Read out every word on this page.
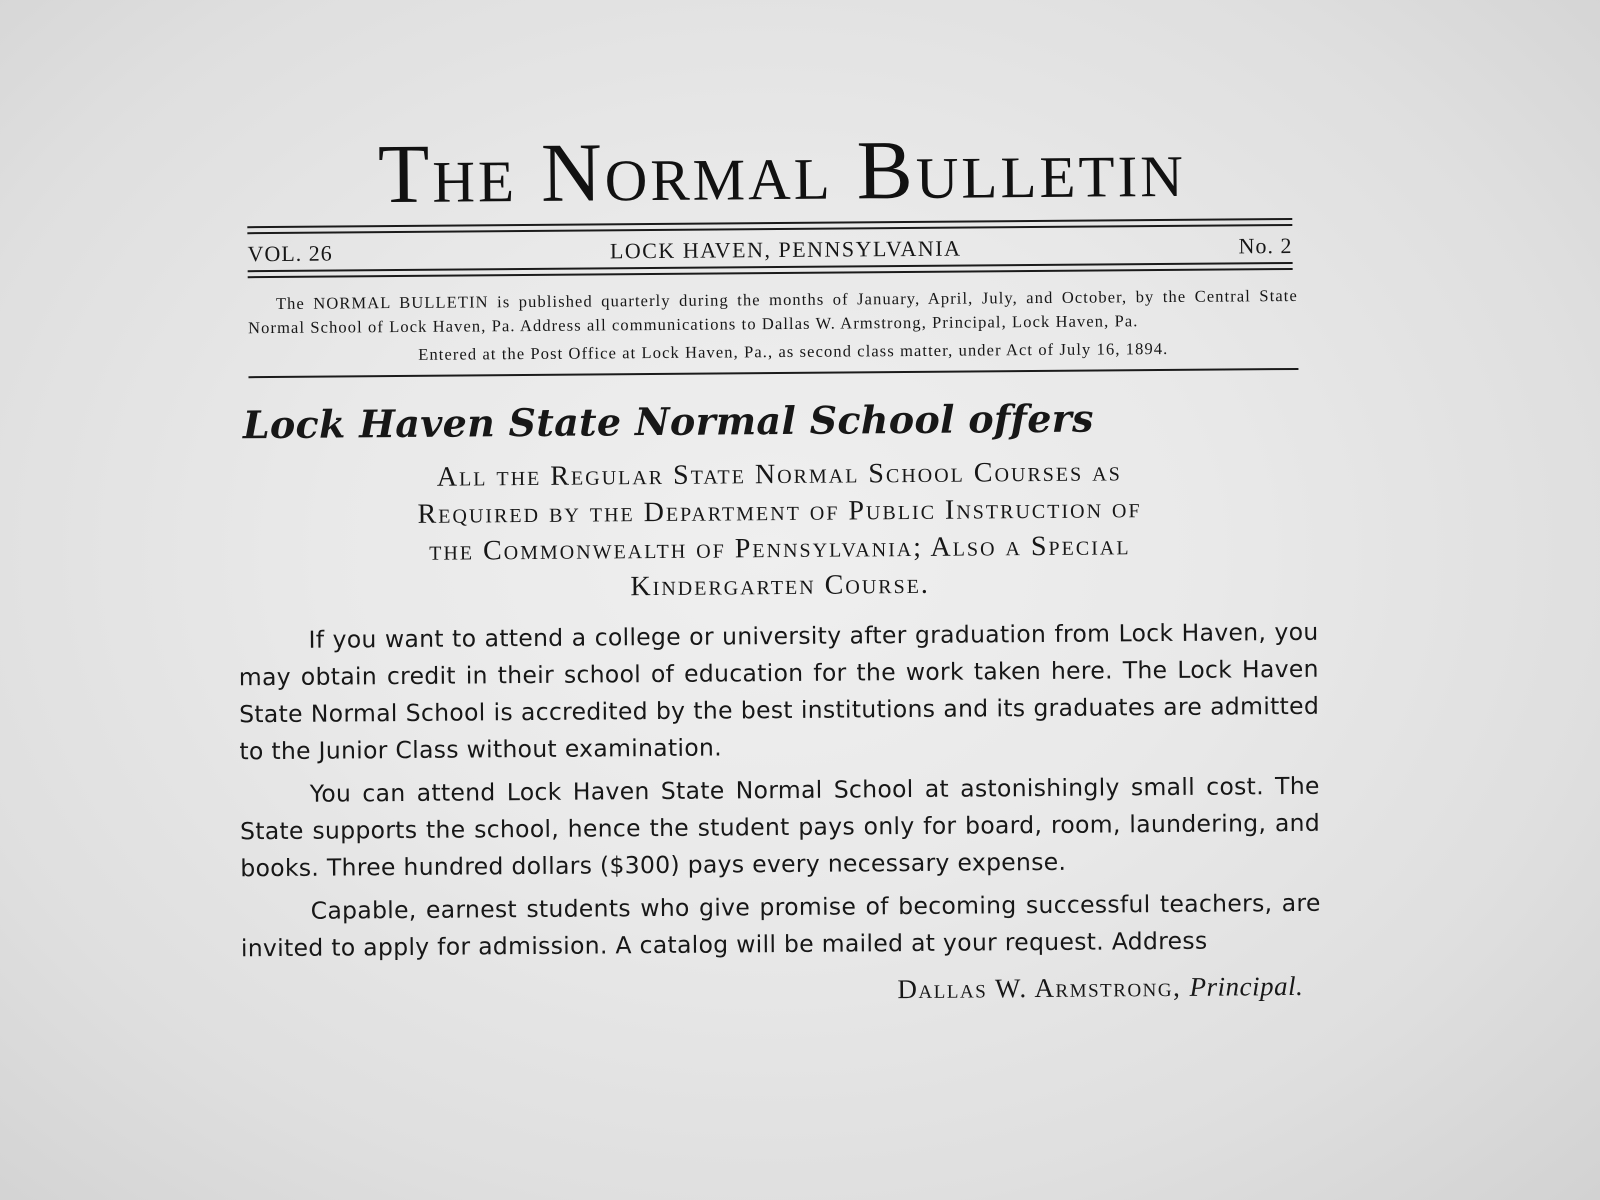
The Normal Bulletin
VOL. 26	LOCK HAVEN, PENNSYLVANIA	No. 2

The NORMAL BULLETIN is published quarterly during the months of January, April, July, and October, by the Central State Normal School of Lock Haven, Pa. Address all communications to Dallas W. Armstrong, Principal, Lock Haven, Pa.

Entered at the Post Office at Lock Haven, Pa., as second class matter, under Act of July 16, 1894.

Lock Haven State Normal School offers

All the Regular State Normal School Courses as Required by the Department of Public Instruction of the Commonwealth of Pennsylvania; Also a Special Kindergarten Course.

If you want to attend a college or university after graduation from Lock Haven, you may obtain credit in their school of education for the work taken here. The Lock Haven State Normal School is accredited by the best institutions and its graduates are admitted to the Junior Class without examination.

You can attend Lock Haven State Normal School at astonishingly small cost. The State supports the school, hence the student pays only for board, room, laundering, and books. Three hundred dollars ($300) pays every necessary expense.

Capable, earnest students who give promise of becoming successful teachers, are invited to apply for admission. A catalog will be mailed at your request. Address

Dallas W. Armstrong, Principal.
